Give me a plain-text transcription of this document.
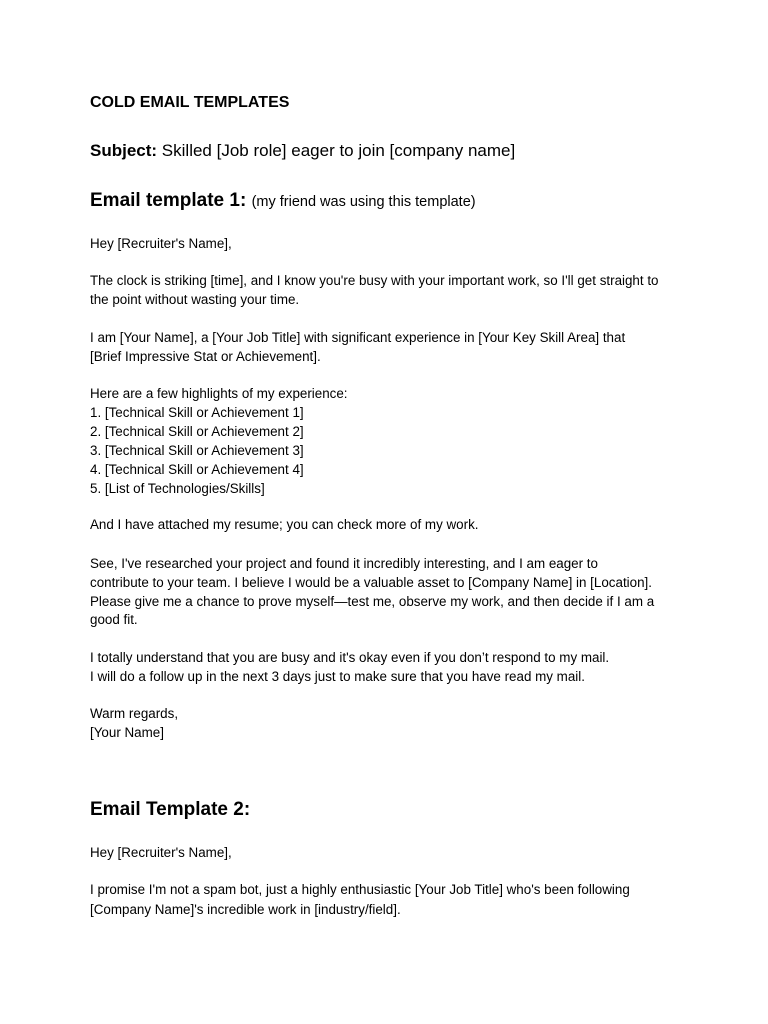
COLD EMAIL TEMPLATES
Subject: Skilled [Job role] eager to join [company name]
Email template 1: (my friend was using this template)
Hey [Recruiter's Name],
The clock is striking [time], and I know you're busy with your important work, so I'll get straight to
the point without wasting your time.
I am [Your Name], a [Your Job Title] with significant experience in [Your Key Skill Area] that
[Brief Impressive Stat or Achievement].
Here are a few highlights of my experience:
1. [Technical Skill or Achievement 1]
2. [Technical Skill or Achievement 2]
3. [Technical Skill or Achievement 3]
4. [Technical Skill or Achievement 4]
5. [List of Technologies/Skills]
And I have attached my resume; you can check more of my work.
See, I've researched your project and found it incredibly interesting, and I am eager to
contribute to your team. I believe I would be a valuable asset to [Company Name] in [Location].
Please give me a chance to prove myself—test me, observe my work, and then decide if I am a
good fit.
I totally understand that you are busy and it's okay even if you don’t respond to my mail.
I will do a follow up in the next 3 days just to make sure that you have read my mail.
Warm regards,
[Your Name]
Email Template 2:
Hey [Recruiter's Name],
I promise I'm not a spam bot, just a highly enthusiastic [Your Job Title] who's been following
[Company Name]'s incredible work in [industry/field].
